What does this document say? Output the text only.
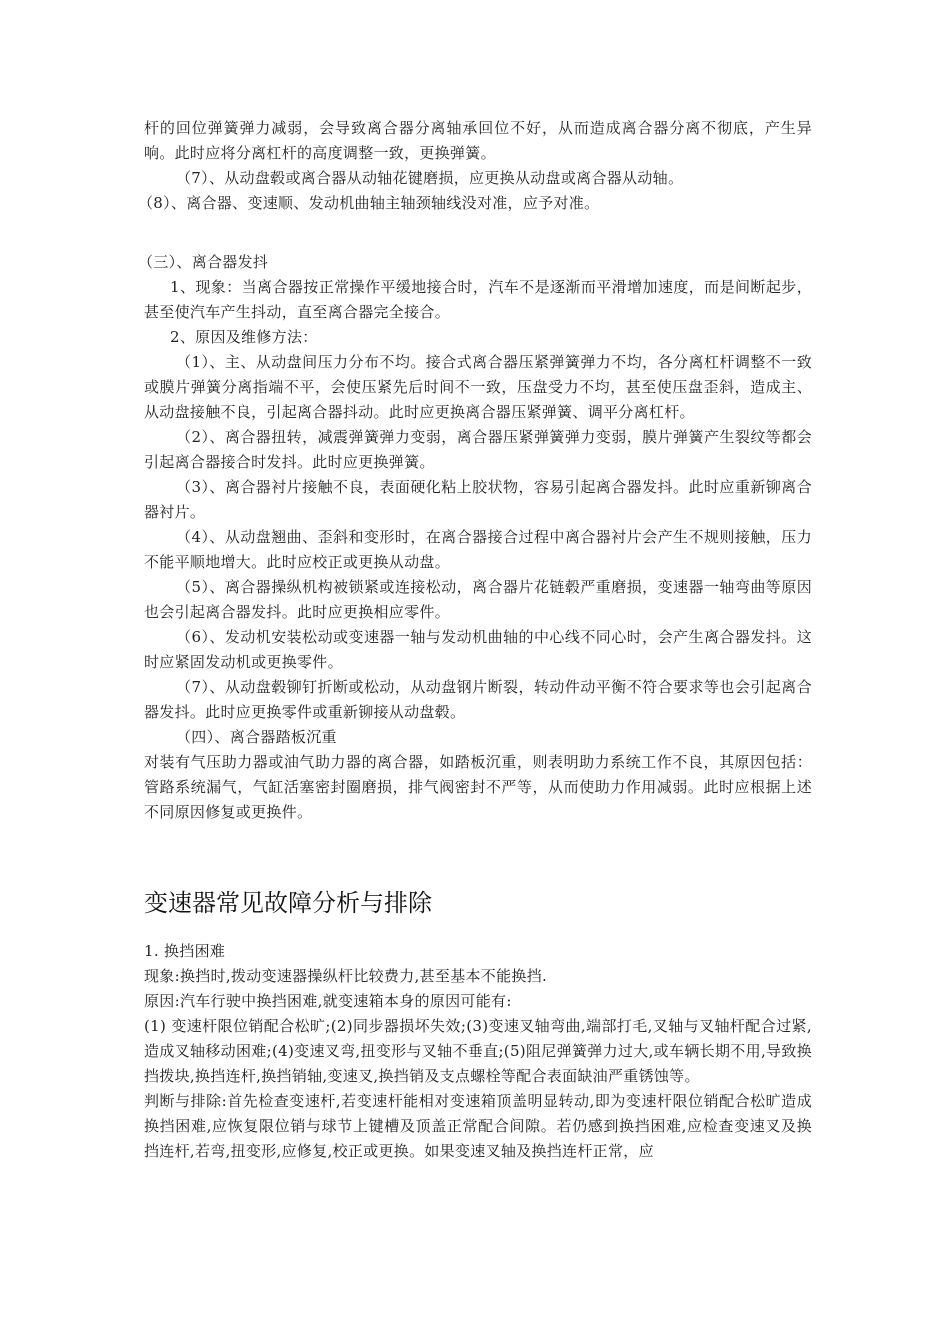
杆的回位弹簧弹力减弱，会导致离合器分离轴承回位不好，从而造成离合器分离不彻底，产生异响。此时应将分离杠杆的高度调整一致，更换弹簧。

（7）、从动盘毂或离合器从动轴花键磨损，应更换从动盘或离合器从动轴。

（8）、离合器、变速顺、发动机曲轴主轴颈轴线没对准，应予对准。

（三）、离合器发抖

1、现象：当离合器按正常操作平缓地接合时，汽车不是逐渐而平滑增加速度，而是间断起步，甚至使汽车产生抖动，直至离合器完全接合。

2、原因及维修方法：

（1）、主、从动盘间压力分布不均。接合式离合器压紧弹簧弹力不均，各分离杠杆调整不一致或膜片弹簧分离指端不平，会使压紧先后时间不一致，压盘受力不均，甚至使压盘歪斜，造成主、从动盘接触不良，引起离合器抖动。此时应更换离合器压紧弹簧、调平分离杠杆。

（2）、离合器扭转，减震弹簧弹力变弱，离合器压紧弹簧弹力变弱，膜片弹簧产生裂纹等都会引起离合器接合时发抖。此时应更换弹簧。

（3）、离合器衬片接触不良，表面硬化粘上胶状物，容易引起离合器发抖。此时应重新铆离合器衬片。

（4）、从动盘翘曲、歪斜和变形时，在离合器接合过程中离合器衬片会产生不规则接触，压力不能平顺地增大。此时应校正或更换从动盘。

（5）、离合器操纵机构被锁紧或连接松动，离合器片花链毂严重磨损，变速器一轴弯曲等原因也会引起离合器发抖。此时应更换相应零件。

（6）、发动机安装松动或变速器一轴与发动机曲轴的中心线不同心时，会产生离合器发抖。这时应紧固发动机或更换零件。

（7）、从动盘毂铆钉折断或松动，从动盘钢片断裂，转动件动平衡不符合要求等也会引起离合器发抖。此时应更换零件或重新铆接从动盘毂。

（四）、离合器踏板沉重

对装有气压助力器或油气助力器的离合器，如踏板沉重，则表明助力系统工作不良，其原因包括：管路系统漏气，气缸活塞密封圈磨损，排气阀密封不严等，从而使助力作用减弱。此时应根据上述不同原因修复或更换件。

变速器常见故障分析与排除

1. 换挡困难

现象:换挡时,拨动变速器操纵杆比较费力,甚至基本不能换挡.

原因:汽车行驶中换挡困难,就变速箱本身的原因可能有:

(1) 变速杆限位销配合松旷;(2)同步器损坏失效;(3)变速叉轴弯曲,端部打毛,叉轴与叉轴杆配合过紧,造成叉轴移动困难;(4)变速叉弯,扭变形与叉轴不垂直;(5)阻尼弹簧弹力过大,或车辆长期不用,导致换挡拨块,换挡连杆,换挡销轴,变速叉,换挡销及支点螺栓等配合表面缺油严重锈蚀等。

判断与排除:首先检查变速杆,若变速杆能相对变速箱顶盖明显转动,即为变速杆限位销配合松旷造成换挡困难,应恢复限位销与球节上键槽及顶盖正常配合间隙。若仍感到换挡困难,应检查变速叉及换挡连杆,若弯,扭变形,应修复,校正或更换。如果变速叉轴及换挡连杆正常，应
